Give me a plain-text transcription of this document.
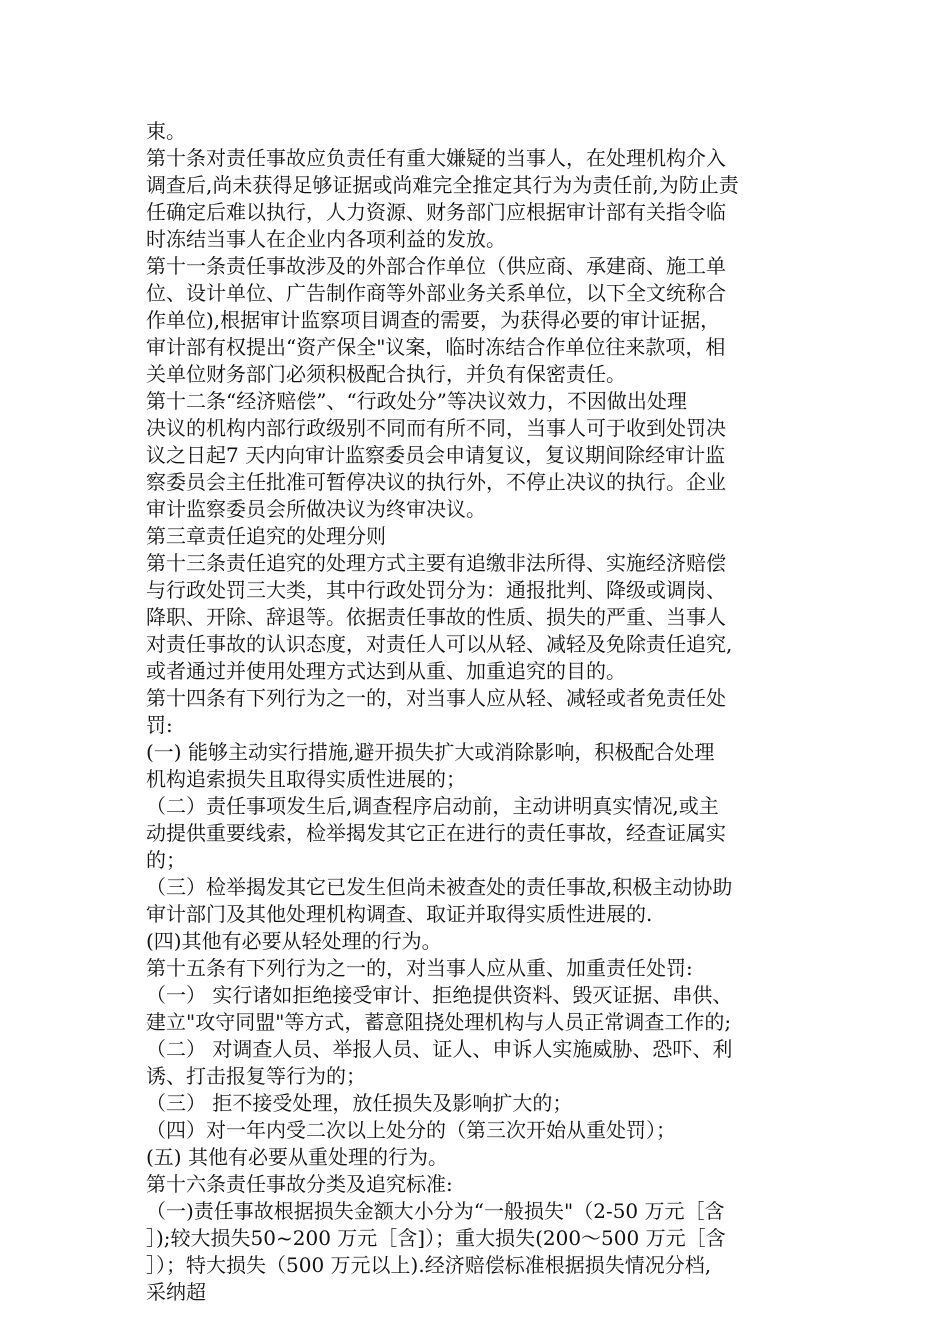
束。
第十条对责任事故应负责任有重大嫌疑的当事人，在处理机构介入
调查后,尚未获得足够证据或尚难完全推定其行为为责任前,为防止责
任确定后难以执行，人力资源、财务部门应根据审计部有关指令临
时冻结当事人在企业内各项利益的发放。
第十一条责任事故涉及的外部合作单位（供应商、承建商、施工单
位、设计单位、广告制作商等外部业务关系单位，以下全文统称合
作单位),根据审计监察项目调查的需要，为获得必要的审计证据，
审计部有权提出“资产保全"议案，临时冻结合作单位往来款项，相
关单位财务部门必须积极配合执行，并负有保密责任。
第十二条“经济赔偿”、“行政处分”等决议效力，不因做出处理
决议的机构内部行政级别不同而有所不同，当事人可于收到处罚决
议之日起7 天内向审计监察委员会申请复议，复议期间除经审计监
察委员会主任批准可暂停决议的执行外，不停止决议的执行。企业
审计监察委员会所做决议为终审决议。
第三章责任追究的处理分则
第十三条责任追究的处理方式主要有追缴非法所得、实施经济赔偿
与行政处罚三大类，其中行政处罚分为：通报批判、降级或调岗、
降职、开除、辞退等。依据责任事故的性质、损失的严重、当事人
对责任事故的认识态度，对责任人可以从轻、减轻及免除责任追究,
或者通过并使用处理方式达到从重、加重追究的目的。
第十四条有下列行为之一的，对当事人应从轻、减轻或者免责任处
罚:
(一) 能够主动实行措施,避开损失扩大或消除影响，积极配合处理
机构追索损失且取得实质性进展的；
（二）责任事项发生后,调查程序启动前，主动讲明真实情况,或主
动提供重要线索，检举揭发其它正在进行的责任事故，经查证属实
的；
（三）检举揭发其它已发生但尚未被查处的责任事故,积极主动协助
审计部门及其他处理机构调查、取证并取得实质性进展的.
(四)其他有必要从轻处理的行为。
第十五条有下列行为之一的，对当事人应从重、加重责任处罚:
（一） 实行诸如拒绝接受审计、拒绝提供资料、毁灭证据、串供、
建立"攻守同盟"等方式，蓄意阻挠处理机构与人员正常调查工作的;
（二） 对调查人员、举报人员、证人、申诉人实施威胁、恐吓、利
诱、打击报复等行为的；
（三） 拒不接受处理，放任损失及影响扩大的；
（四）对一年内受二次以上处分的（第三次开始从重处罚）；
(五) 其他有必要从重处理的行为。
第十六条责任事故分类及追究标准:
（一)责任事故根据损失金额大小分为“一般损失"（2-50 万元［含
］);较大损失50~200 万元［含]）；重大损失(200～500 万元［含
］）；特大损失（500 万元以上).经济赔偿标准根据损失情况分档,
采纳超
